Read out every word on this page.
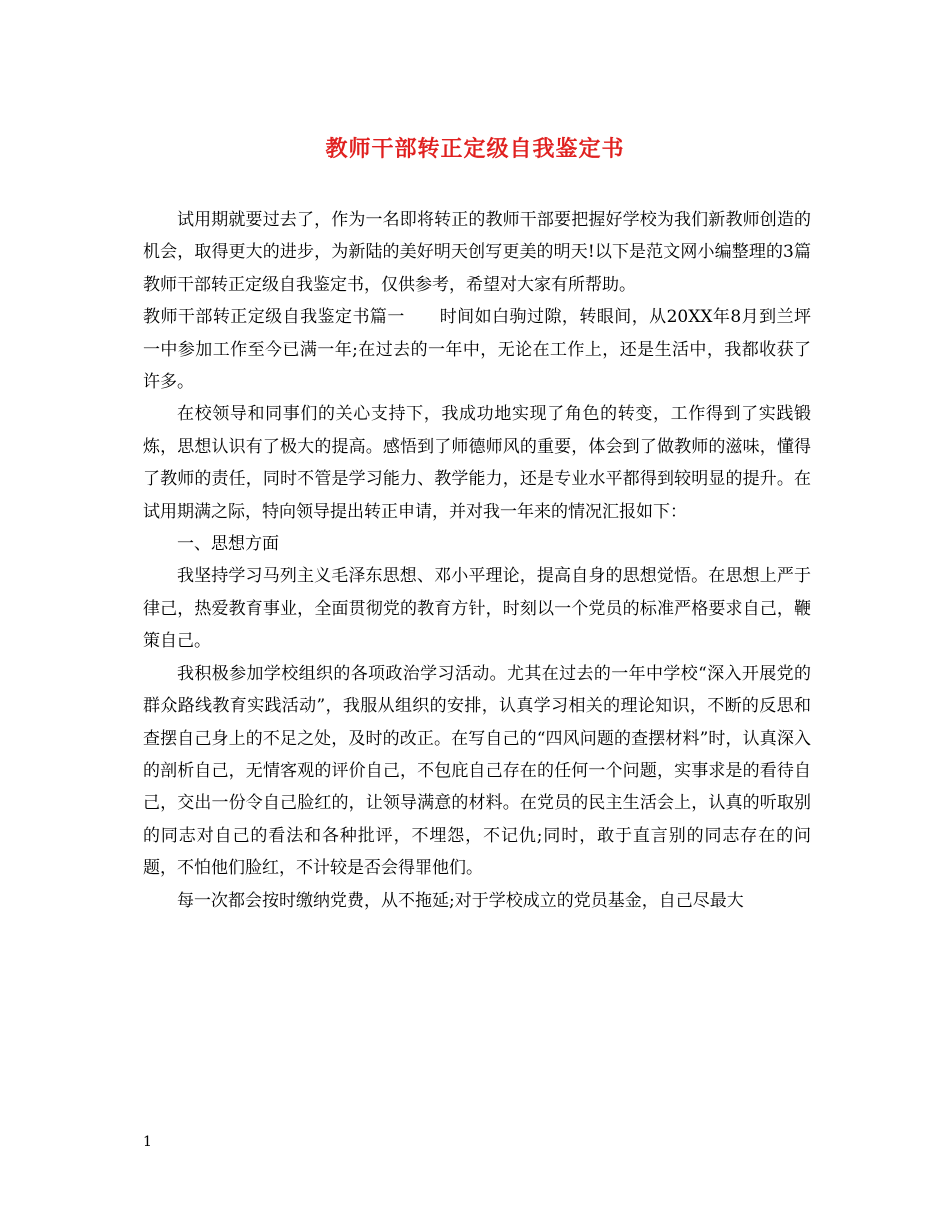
教师干部转正定级自我鉴定书

试用期就要过去了，作为一名即将转正的教师干部要把握好学校为我们新教师创造的机会，取得更大的进步，为新陆的美好明天创写更美的明天!以下是范文网小编整理的3篇教师干部转正定级自我鉴定书，仅供参考，希望对大家有所帮助。

教师干部转正定级自我鉴定书篇一　　时间如白驹过隙，转眼间，从20XX年8月到兰坪一中参加工作至今已满一年;在过去的一年中，无论在工作上，还是生活中，我都收获了许多。

在校领导和同事们的关心支持下，我成功地实现了角色的转变，工作得到了实践锻炼，思想认识有了极大的提高。感悟到了师德师风的重要，体会到了做教师的滋味，懂得了教师的责任，同时不管是学习能力、教学能力，还是专业水平都得到较明显的提升。在试用期满之际，特向领导提出转正申请，并对我一年来的情况汇报如下：

一、思想方面

我坚持学习马列主义毛泽东思想、邓小平理论，提高自身的思想觉悟。在思想上严于律己，热爱教育事业，全面贯彻党的教育方针，时刻以一个党员的标准严格要求自己，鞭策自己。

我积极参加学校组织的各项政治学习活动。尤其在过去的一年中学校“深入开展党的群众路线教育实践活动”，我服从组织的安排，认真学习相关的理论知识，不断的反思和查摆自己身上的不足之处，及时的改正。在写自己的“四风问题的查摆材料”时，认真深入的剖析自己，无情客观的评价自己，不包庇自己存在的任何一个问题，实事求是的看待自己，交出一份令自己脸红的，让领导满意的材料。在党员的民主生活会上，认真的听取别的同志对自己的看法和各种批评，不埋怨，不记仇;同时，敢于直言别的同志存在的问题，不怕他们脸红，不计较是否会得罪他们。

每一次都会按时缴纳党费，从不拖延;对于学校成立的党员基金，自己尽最大

1
